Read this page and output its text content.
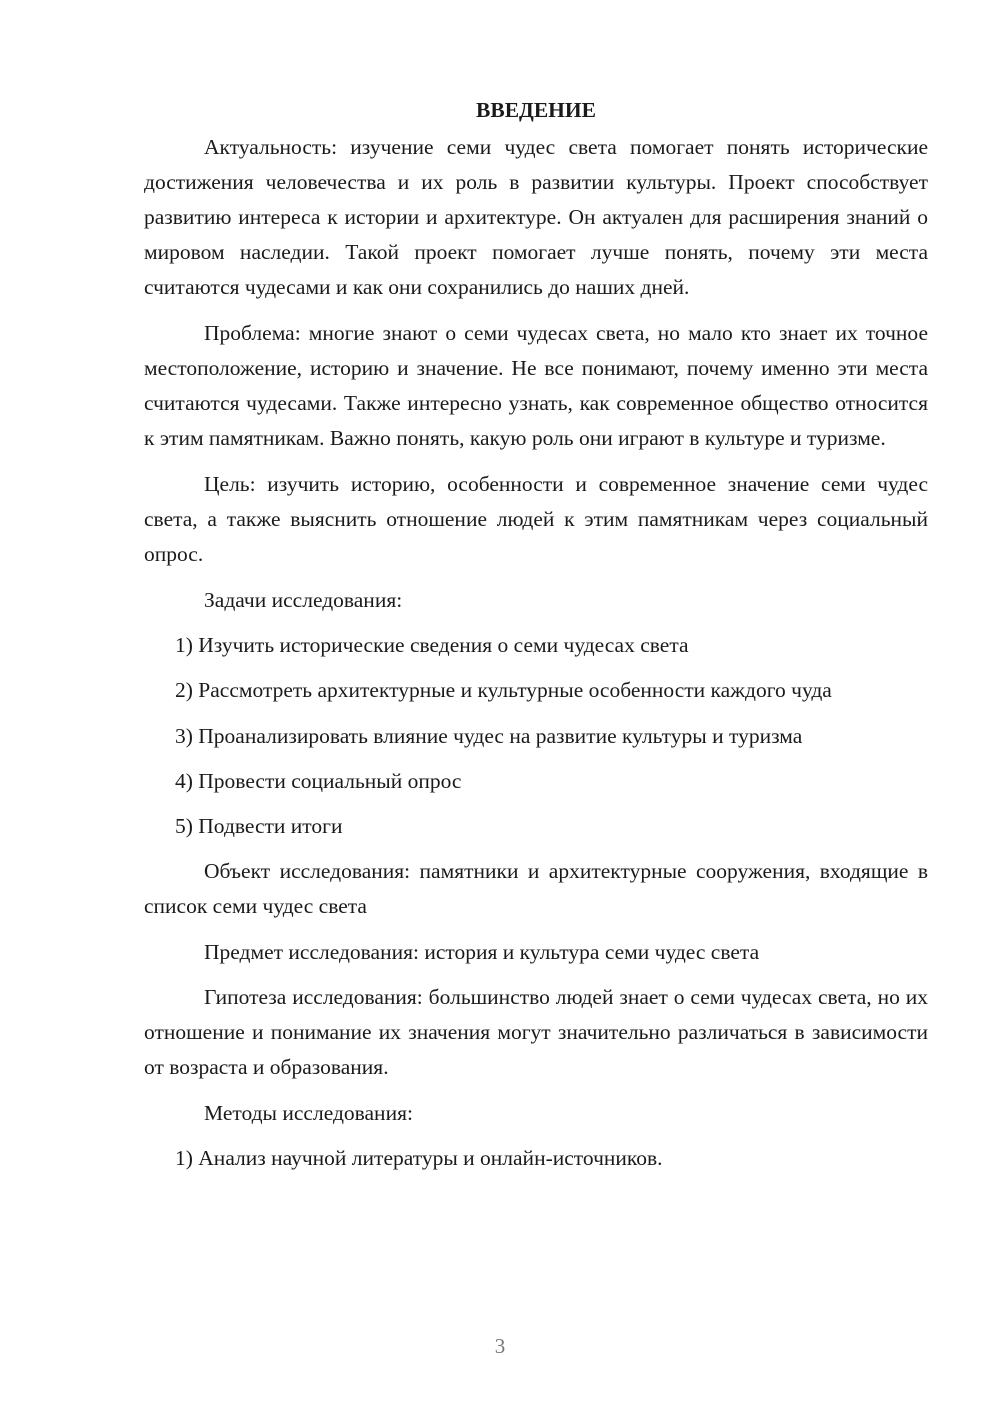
ВВЕДЕНИЕ

Актуальность: изучение семи чудес света помогает понять исторические достижения человечества и их роль в развитии культуры. Проект способствует развитию интереса к истории и архитектуре. Он актуален для расширения знаний о мировом наследии. Такой проект помогает лучше понять, почему эти места считаются чудесами и как они сохранились до наших дней.

Проблема: многие знают о семи чудесах света, но мало кто знает их точное местоположение, историю и значение. Не все понимают, почему именно эти места считаются чудесами. Также интересно узнать, как современное общество относится к этим памятникам. Важно понять, какую роль они играют в культуре и туризме.

Цель: изучить историю, особенности и современное значение семи чудес света, а также выяснить отношение людей к этим памятникам через социальный опрос.

Задачи исследования:

1) Изучить исторические сведения о семи чудесах света

2) Рассмотреть архитектурные и культурные особенности каждого чуда

3) Проанализировать влияние чудес на развитие культуры и туризма

4) Провести социальный опрос

5) Подвести итоги

Объект исследования: памятники и архитектурные сооружения, входящие в список семи чудес света

Предмет исследования: история и культура семи чудес света

Гипотеза исследования: большинство людей знает о семи чудесах света, но их отношение и понимание их значения могут значительно различаться в зависимости от возраста и образования.

Методы исследования:

1) Анализ научной литературы и онлайн-источников.

3
